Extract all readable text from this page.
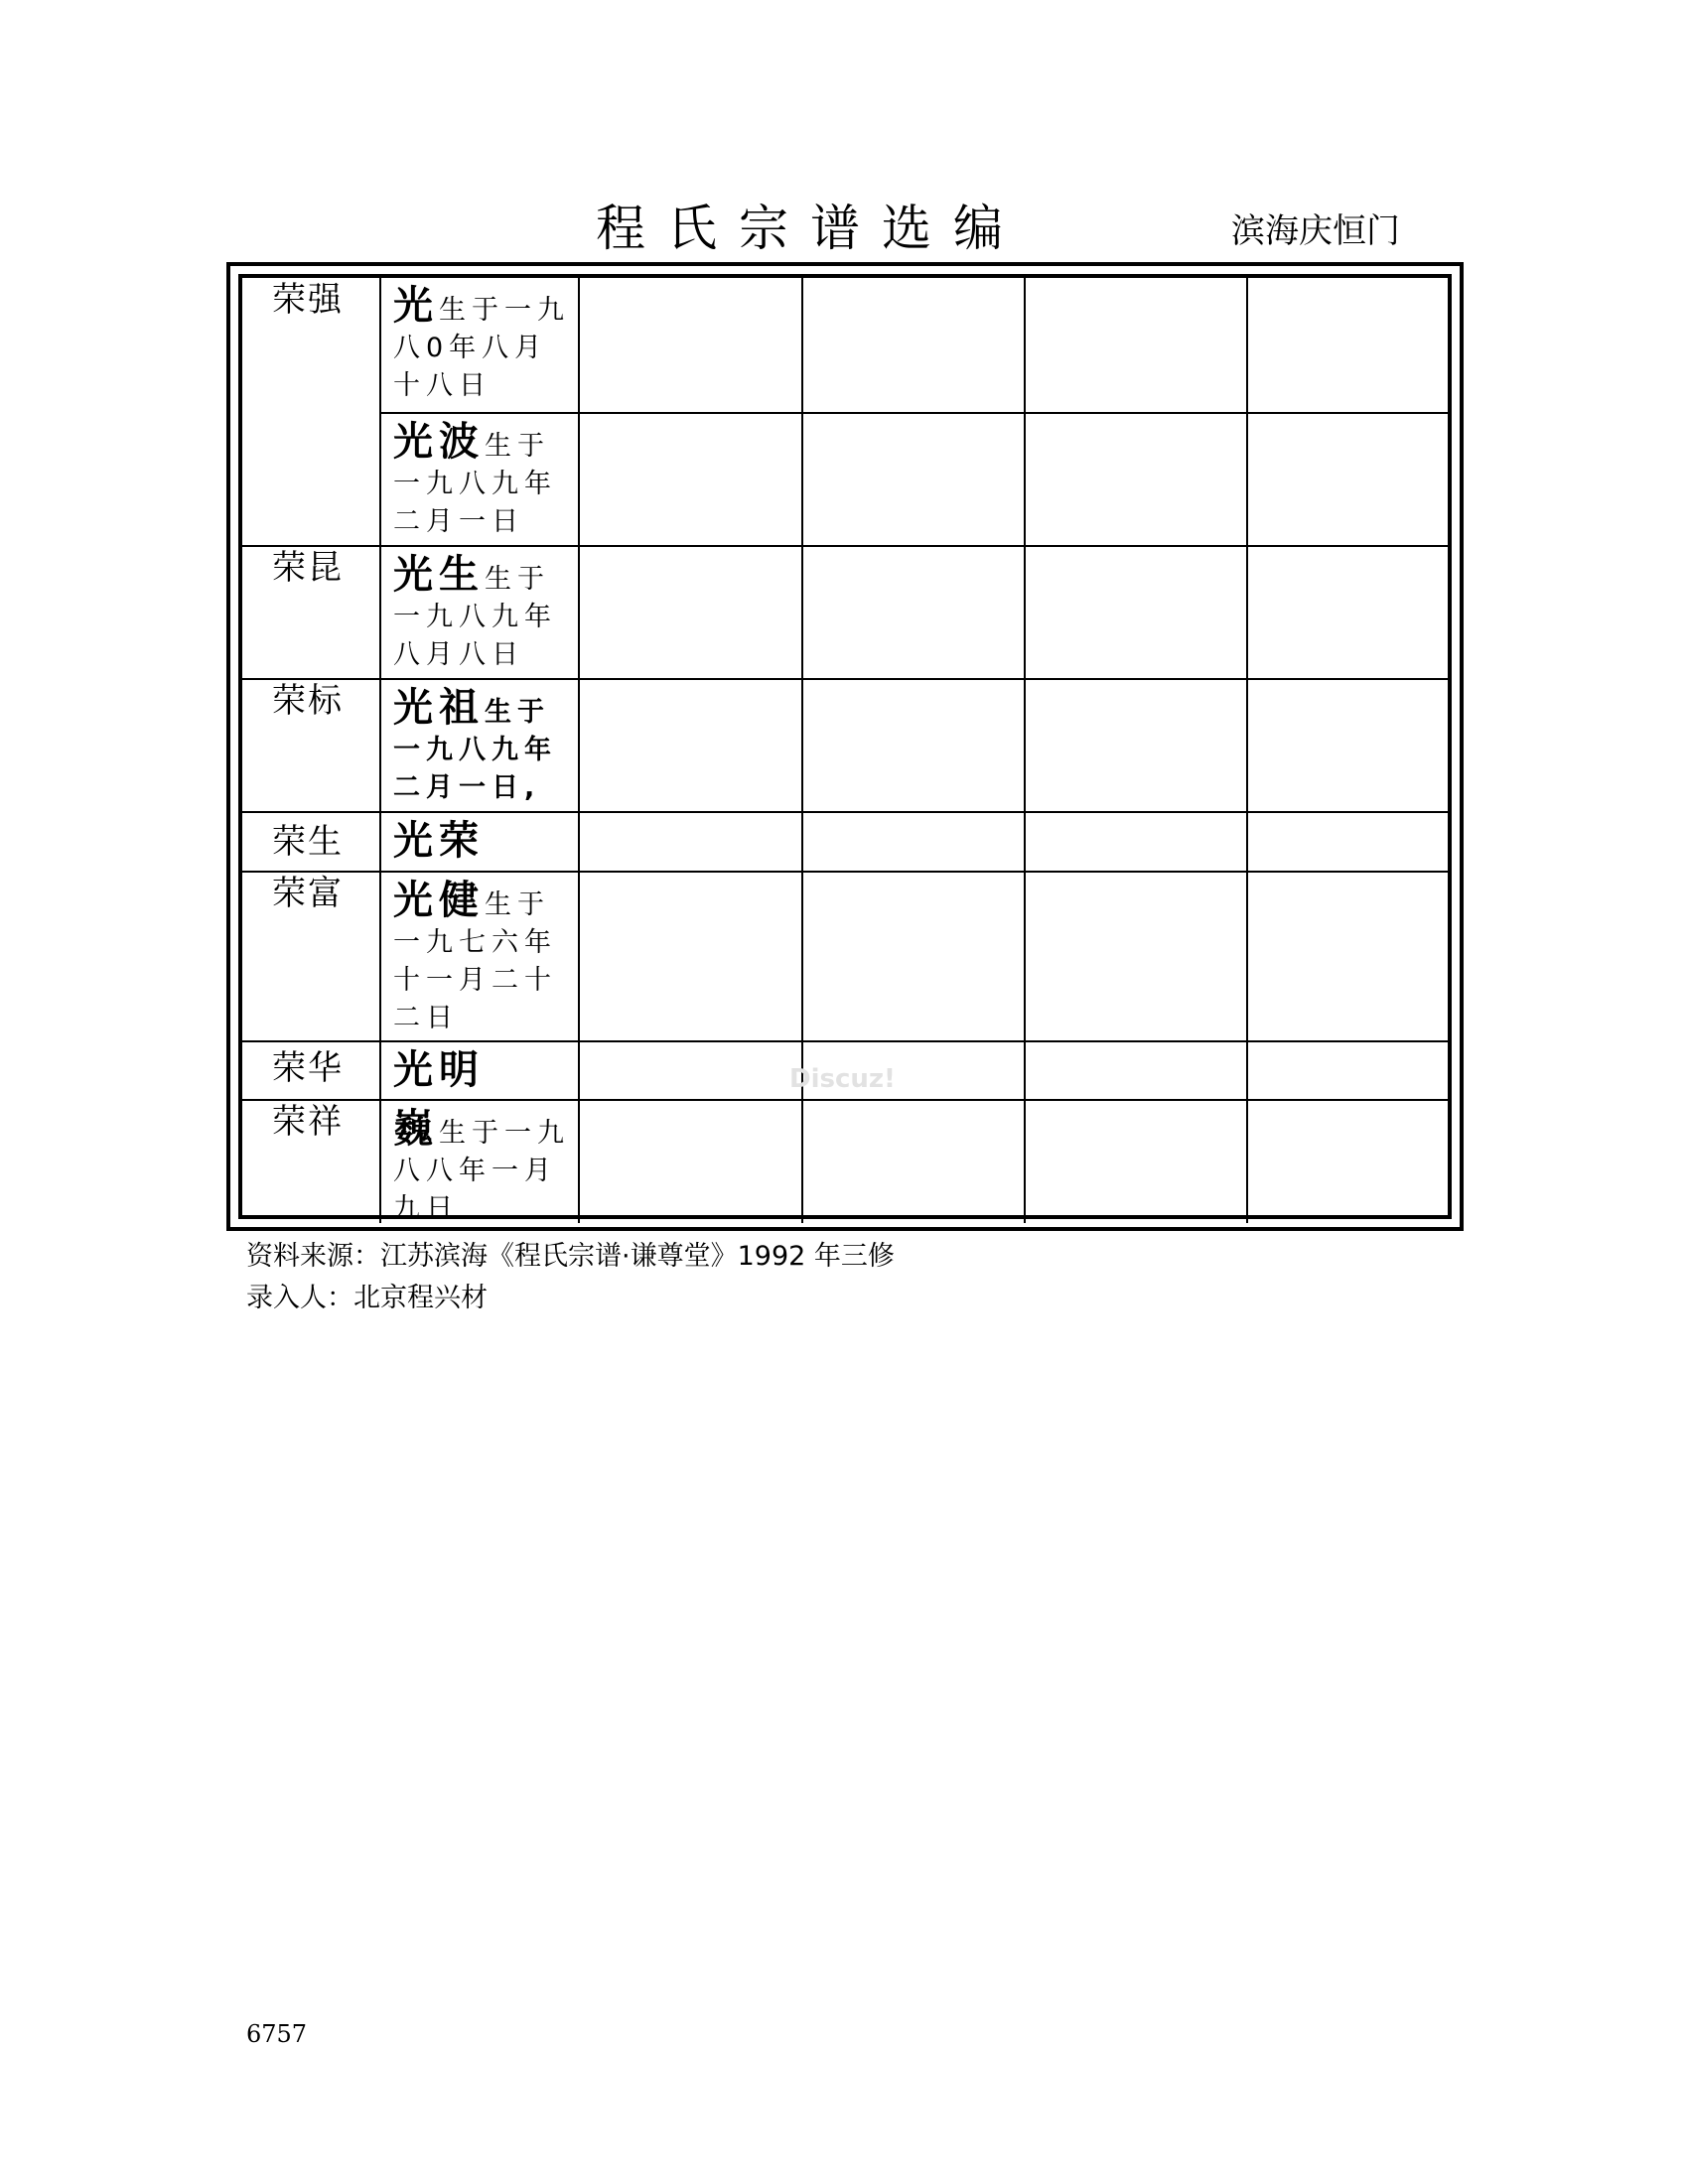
程氏宗谱选编	滨海庆恒门
荣强
荣昆
荣标
荣生
荣富
荣华
荣祥
光生于一九八0年八月十八日
光波生于一九八九年二月一日
光生生于一九八九年八月八日
光祖生于一九八九年二月一日,
光荣
光健生于一九七六年十一月二十二日
光明
巍生于一九八八年一月九日
Discuz!
资料来源：江苏滨海《程氏宗谱·谦尊堂》1992 年三修
录入人：北京程兴材
6757
